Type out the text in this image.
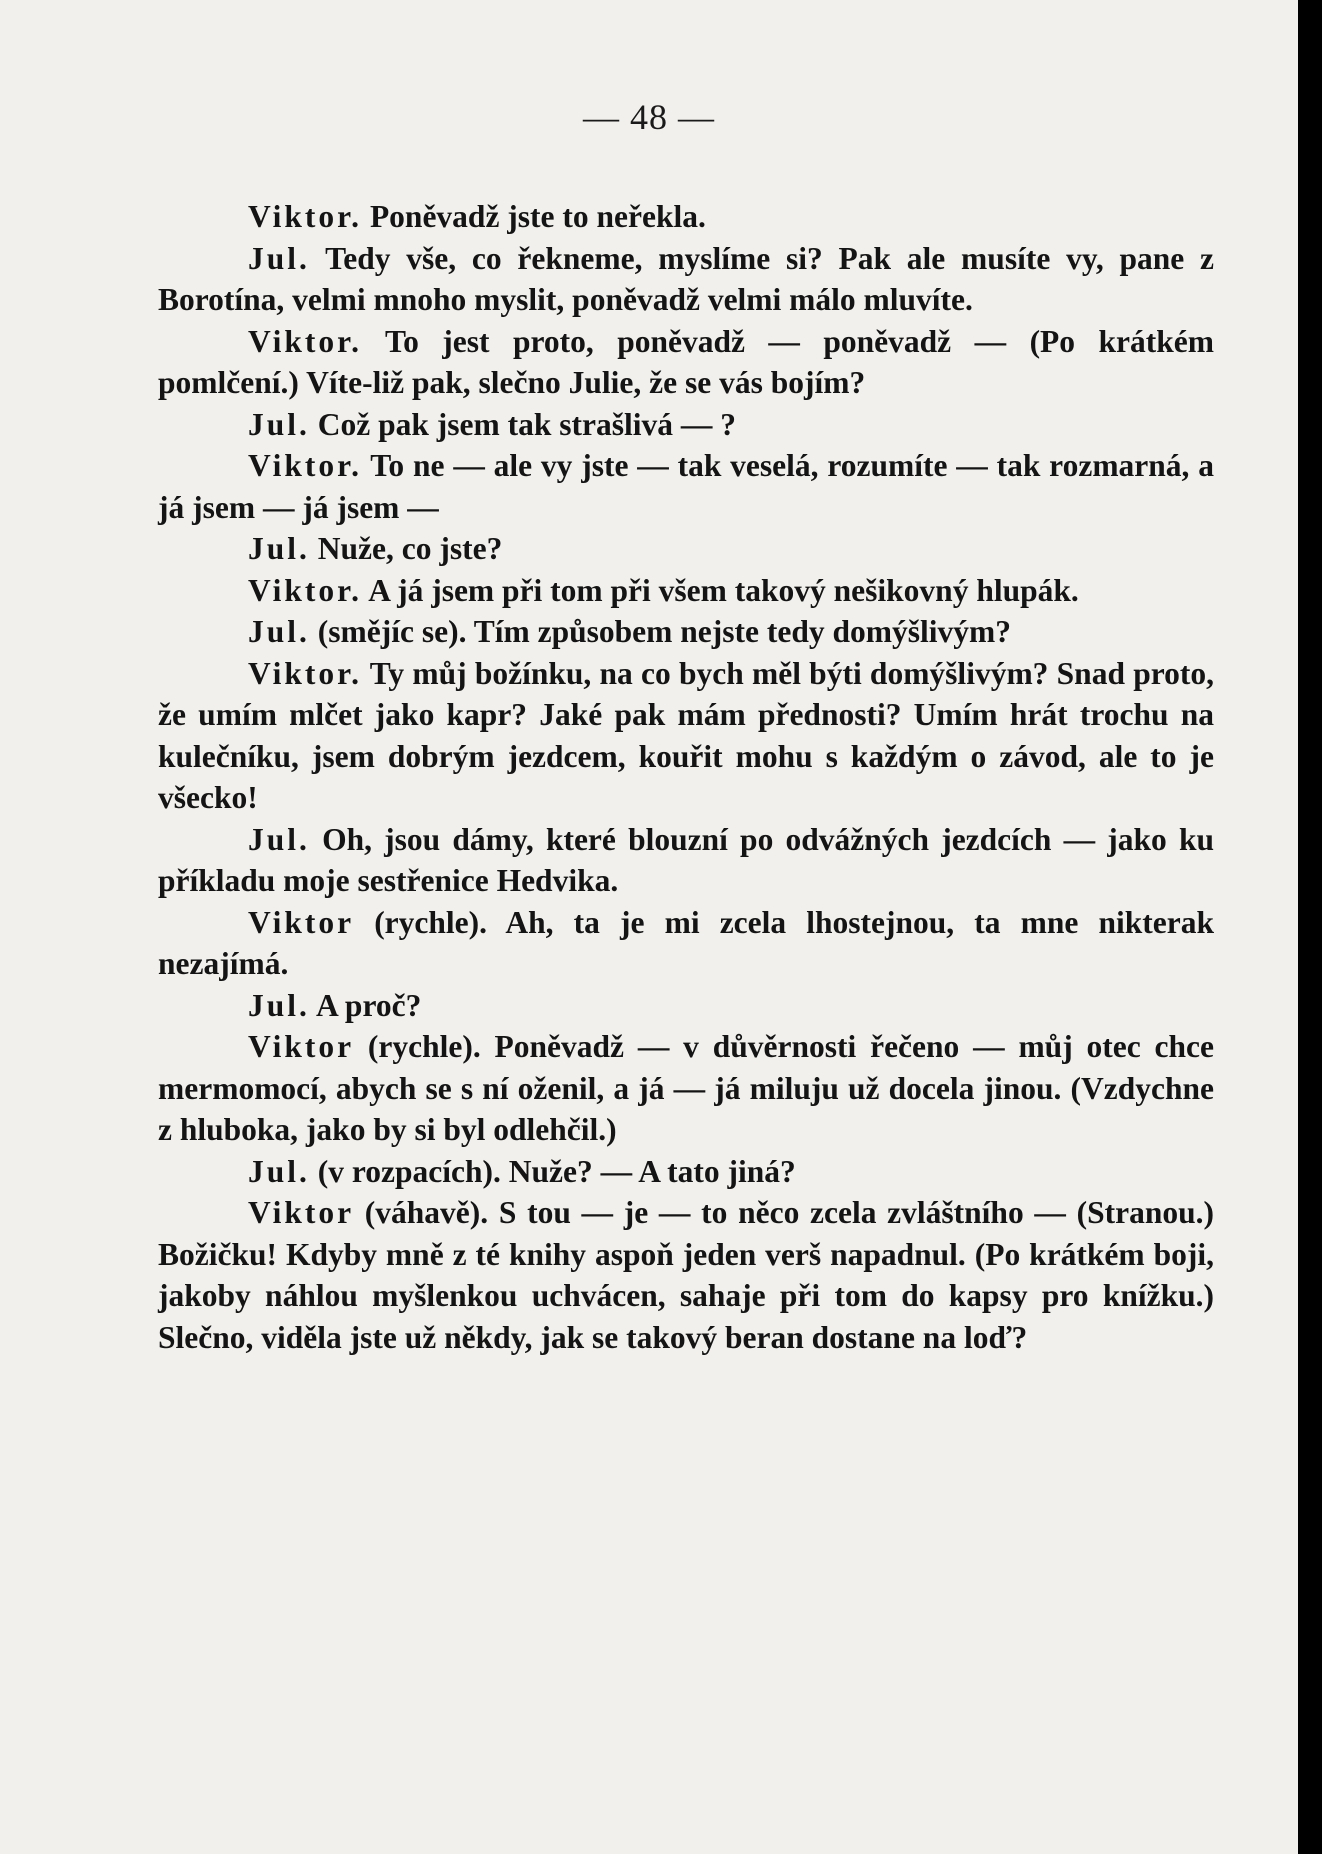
— 48 —

Viktor. Poněvadž jste to neřekla.

Jul. Tedy vše, co řekneme, myslíme si? Pak ale musíte vy, pane z Borotína, velmi mnoho myslit, poněvadž velmi málo mluvíte.

Viktor. To jest proto, poněvadž — poněvadž — (Po krátkém pomlčení.) Víte-liž pak, slečno Julie, že se vás bojím?

Jul. Což pak jsem tak strašlivá — ?

Viktor. To ne — ale vy jste — tak veselá, rozumíte — tak rozmarná, a já jsem — já jsem —

Jul. Nuže, co jste?

Viktor. A já jsem při tom při všem takový nešikovný hlupák.

Jul. (smějíc se). Tím způsobem nejste tedy domýšlivým?

Viktor. Ty můj božínku, na co bych měl býti domýšlivým? Snad proto, že umím mlčet jako kapr? Jaké pak mám přednosti? Umím hrát trochu na kulečníku, jsem dobrým jezdcem, kouřit mohu s každým o závod, ale to je všecko!

Jul. Oh, jsou dámy, které blouzní po odvážných jezdcích — jako ku příkladu moje sestřenice Hedvika.

Viktor (rychle). Ah, ta je mi zcela lhostejnou, ta mne nikterak nezajímá.

Jul. A proč?

Viktor (rychle). Poněvadž — v důvěrnosti řečeno — můj otec chce mermomocí, abych se s ní oženil, a já — já miluju už docela jinou. (Vzdychne z hluboka, jako by si byl odlehčil.)

Jul. (v rozpacích). Nuže? — A tato jiná?

Viktor (váhavě). S tou — je — to něco zcela zvláštního — (Stranou.) Božičku! Kdyby mně z té knihy aspoň jeden verš napadnul. (Po krátkém boji, jakoby náhlou myšlenkou uchvácen, sahaje při tom do kapsy pro knížku.) Slečno, viděla jste už někdy, jak se takový beran dostane na loď?
